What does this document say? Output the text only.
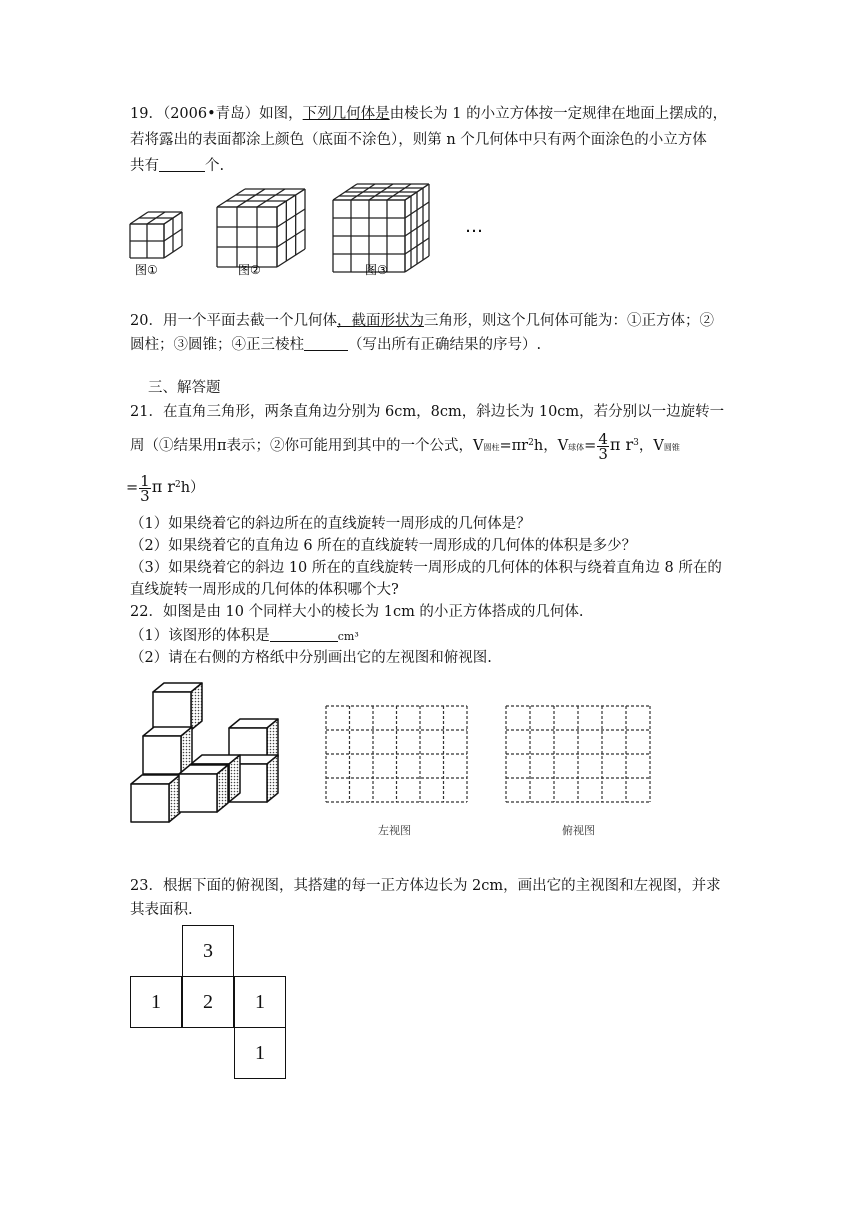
19．（2006•青岛）如图，下列几何体是由棱长为 1 的小立方体按一定规律在地面上摆成的，
若将露出的表面都涂上颜色（底面不涂色），则第 n 个几何体中只有两个面涂色的小立方体
共有	个.
图①	图②	图③
…
20．用一个平面去截一个几何体，截面形状为三角形，则这个几何体可能为：①正方体；②
圆柱；③圆锥；④正三棱柱	（写出所有正确结果的序号）.
三、解答题
21．在直角三角形，两条直角边分别为 6cm，8cm，斜边长为 10cm，若分别以一边旋转一
周（①结果用π表示；②你可能用到其中的一个公式，V圆柱$=\pi r^2h$，V球体= $\frac{4}{3}$ π $r^3$，V圆锥
= $\frac{1}{3}$ π $r^2h$）
（1）如果绕着它的斜边所在的直线旋转一周形成的几何体是？
（2）如果绕着它的直角边 6 所在的直线旋转一周形成的几何体的体积是多少？
（3）如果绕着它的斜边 10 所在的直线旋转一周形成的几何体的体积与绕着直角边 8 所在的
直线旋转一周形成的几何体的体积哪个大?
22．如图是由 10 个同样大小的棱长为 1cm 的小正方体搭成的几何体.
（1）该图形的体积是	cm³
（2）请在右侧的方格纸中分别画出它的左视图和俯视图.
左视图	俯视图
23．根据下面的俯视图，其搭建的每一正方体边长为 2cm，画出它的主视图和左视图，并求
其表面积.
3
1	2	1
1
